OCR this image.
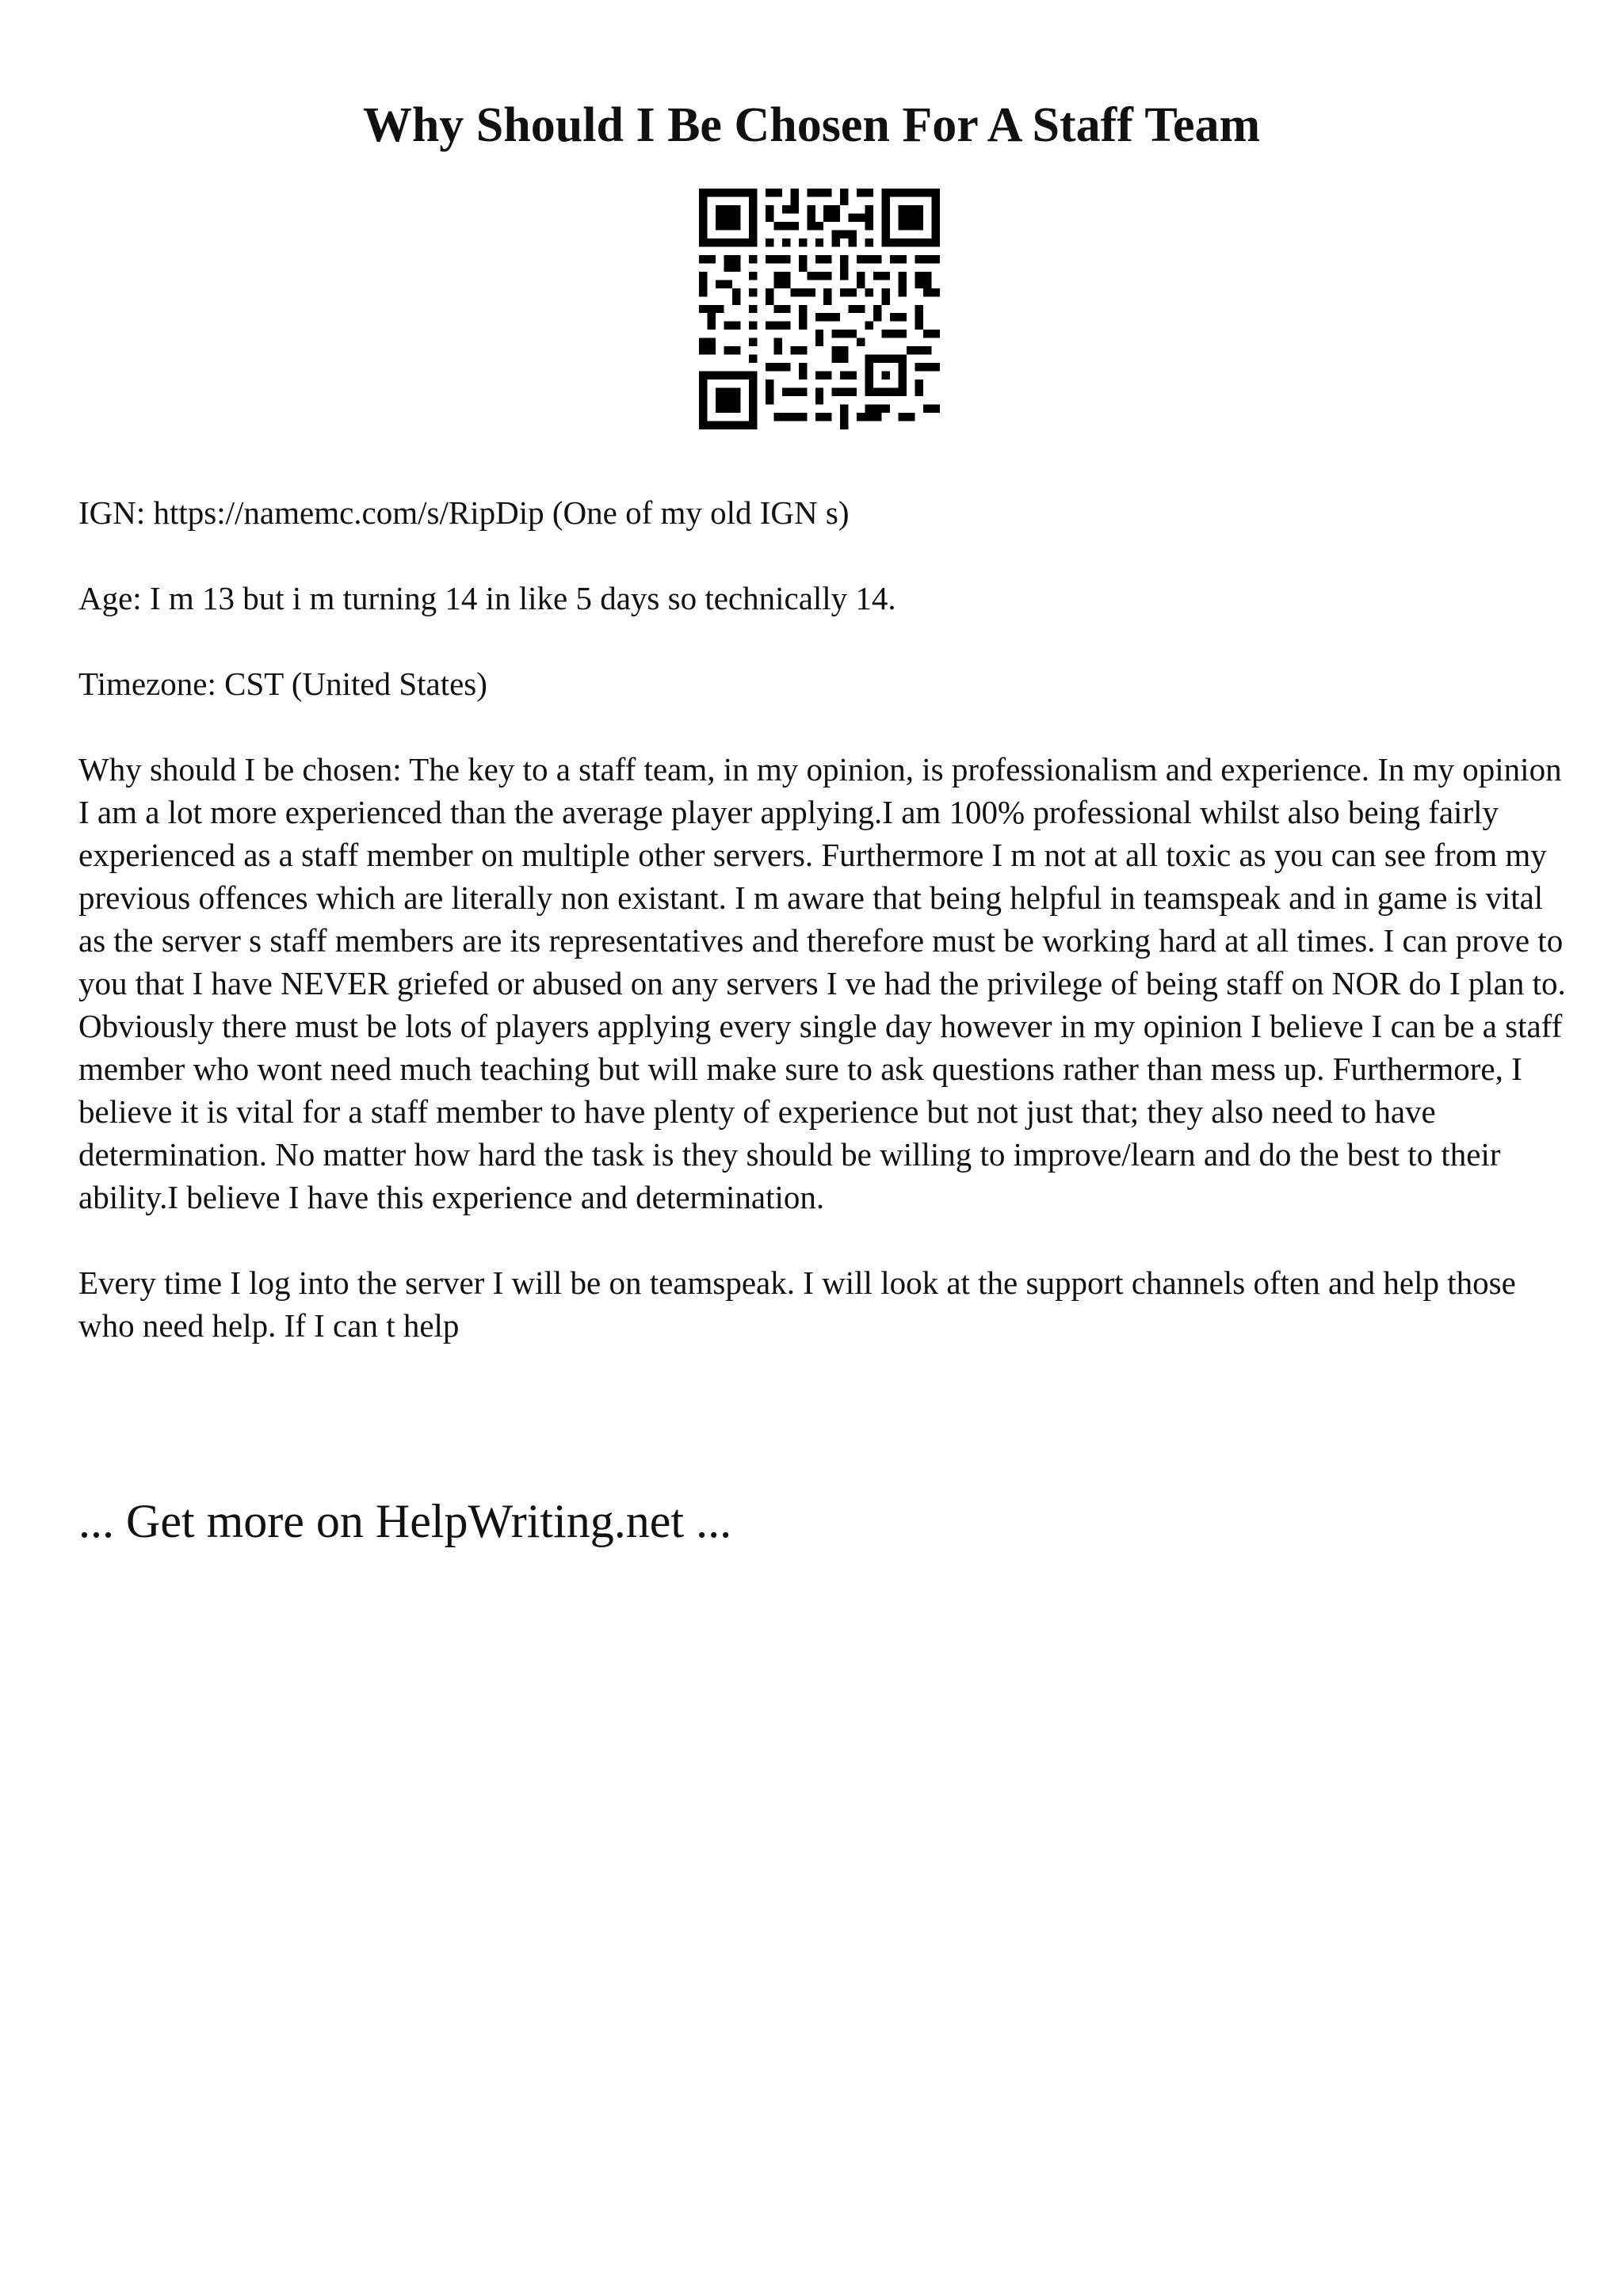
Why Should I Be Chosen For A Staff Team

IGN: https://namemc.com/s/RipDip (One of my old IGN s)

Age: I m 13 but i m turning 14 in like 5 days so technically 14.

Timezone: CST (United States)

Why should I be chosen: The key to a staff team, in my opinion, is professionalism and experience. In my opinion I am a lot more experienced than the average player applying.I am 100% professional whilst also being fairly experienced as a staff member on multiple other servers. Furthermore I m not at all toxic as you can see from my previous offences which are literally non existant. I m aware that being helpful in teamspeak and in game is vital as the server s staff members are its representatives and therefore must be working hard at all times. I can prove to you that I have NEVER griefed or abused on any servers I ve had the privilege of being staff on NOR do I plan to. Obviously there must be lots of players applying every single day however in my opinion I believe I can be a staff member who wont need much teaching but will make sure to ask questions rather than mess up. Furthermore, I believe it is vital for a staff member to have plenty of experience but not just that; they also need to have determination. No matter how hard the task is they should be willing to improve/learn and do the best to their ability.I believe I have this experience and determination.

Every time I log into the server I will be on teamspeak. I will look at the support channels often and help those who need help. If I can t help

... Get more on HelpWriting.net ...
